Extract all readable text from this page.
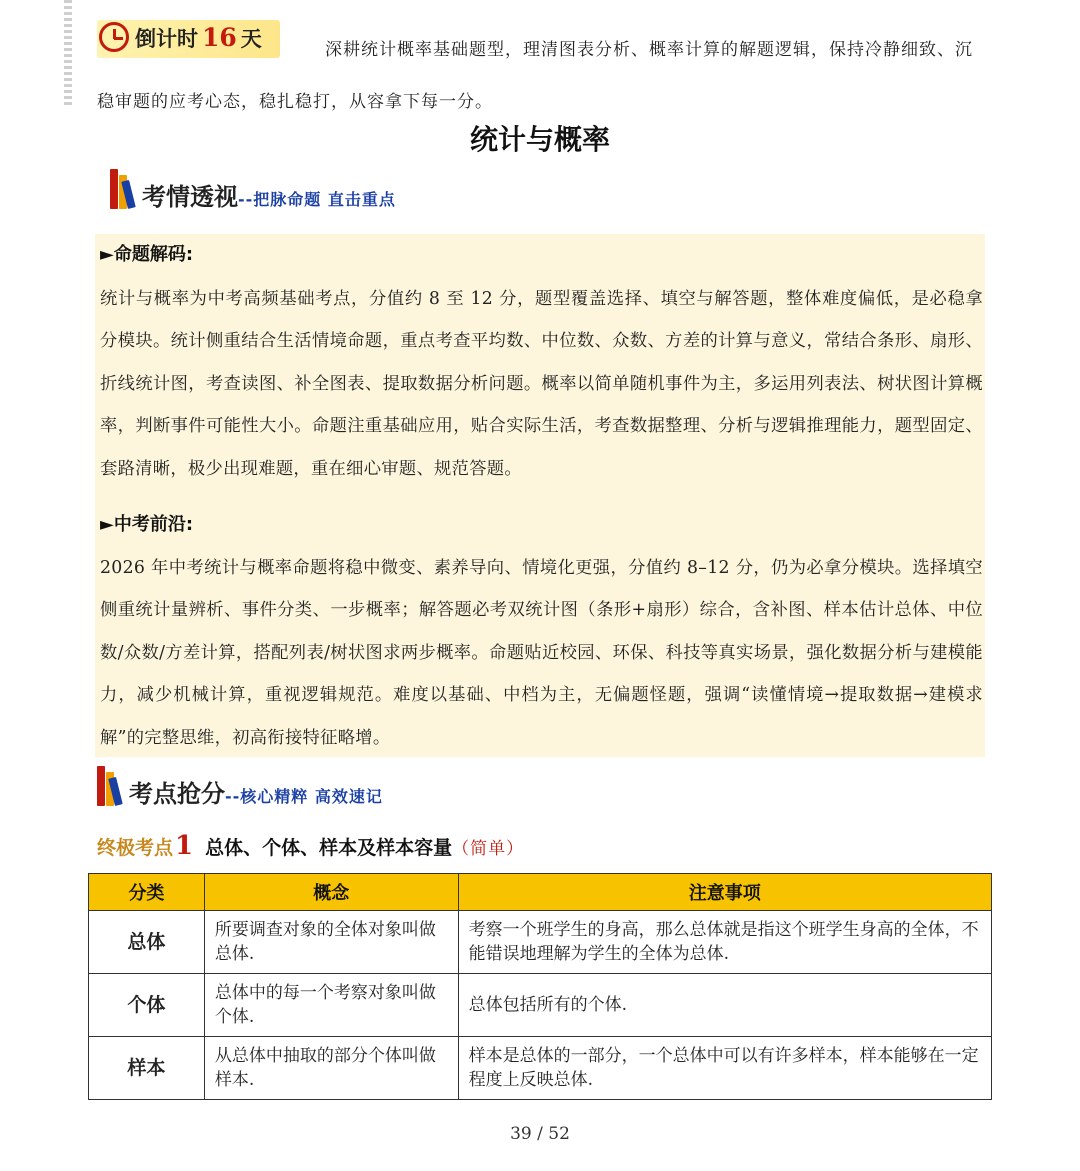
深耕统计概率基础题型，理清图表分析、概率计算的解题逻辑，保持冷静细致、沉稳审题的应考心态，稳扎稳打，从容拿下每一分。
倒计时 16 天
统计与概率
考情透视--把脉命题 直击重点
►命题解码:
统计与概率为中考高频基础考点，分值约 8 至 12 分，题型覆盖选择、填空与解答题，整体难度偏低，是必稳拿分模块。统计侧重结合生活情境命题，重点考查平均数、中位数、众数、方差的计算与意义，常结合条形、扇形、折线统计图，考查读图、补全图表、提取数据分析问题。概率以简单随机事件为主，多运用列表法、树状图计算概率，判断事件可能性大小。命题注重基础应用，贴合实际生活，考查数据整理、分析与逻辑推理能力，题型固定、套路清晰，极少出现难题，重在细心审题、规范答题。
►中考前沿:
2026 年中考统计与概率命题将稳中微变、素养导向、情境化更强，分值约 8–12 分，仍为必拿分模块。选择填空侧重统计量辨析、事件分类、一步概率；解答题必考双统计图（条形+扇形）综合，含补图、样本估计总体、中位数/众数/方差计算，搭配列表/树状图求两步概率。命题贴近校园、环保、科技等真实场景，强化数据分析与建模能力，减少机械计算，重视逻辑规范。难度以基础、中档为主，无偏题怪题，强调“读懂情境→提取数据→建模求解”的完整思维，初高衔接特征略增。
考点抢分--核心精粹 高效速记
终极考点1 总体、个体、样本及样本容量（简单）
分类	概念	注意事项
总体	所要调查对象的全体对象叫做总体.	考察一个班学生的身高，那么总体就是指这个班学生身高的全体，不能错误地理解为学生的全体为总体.
个体	总体中的每一个考察对象叫做个体.	总体包括所有的个体.
样本	从总体中抽取的部分个体叫做样本.	样本是总体的一部分，一个总体中可以有许多样本，样本能够在一定程度上反映总体.
39 / 52
